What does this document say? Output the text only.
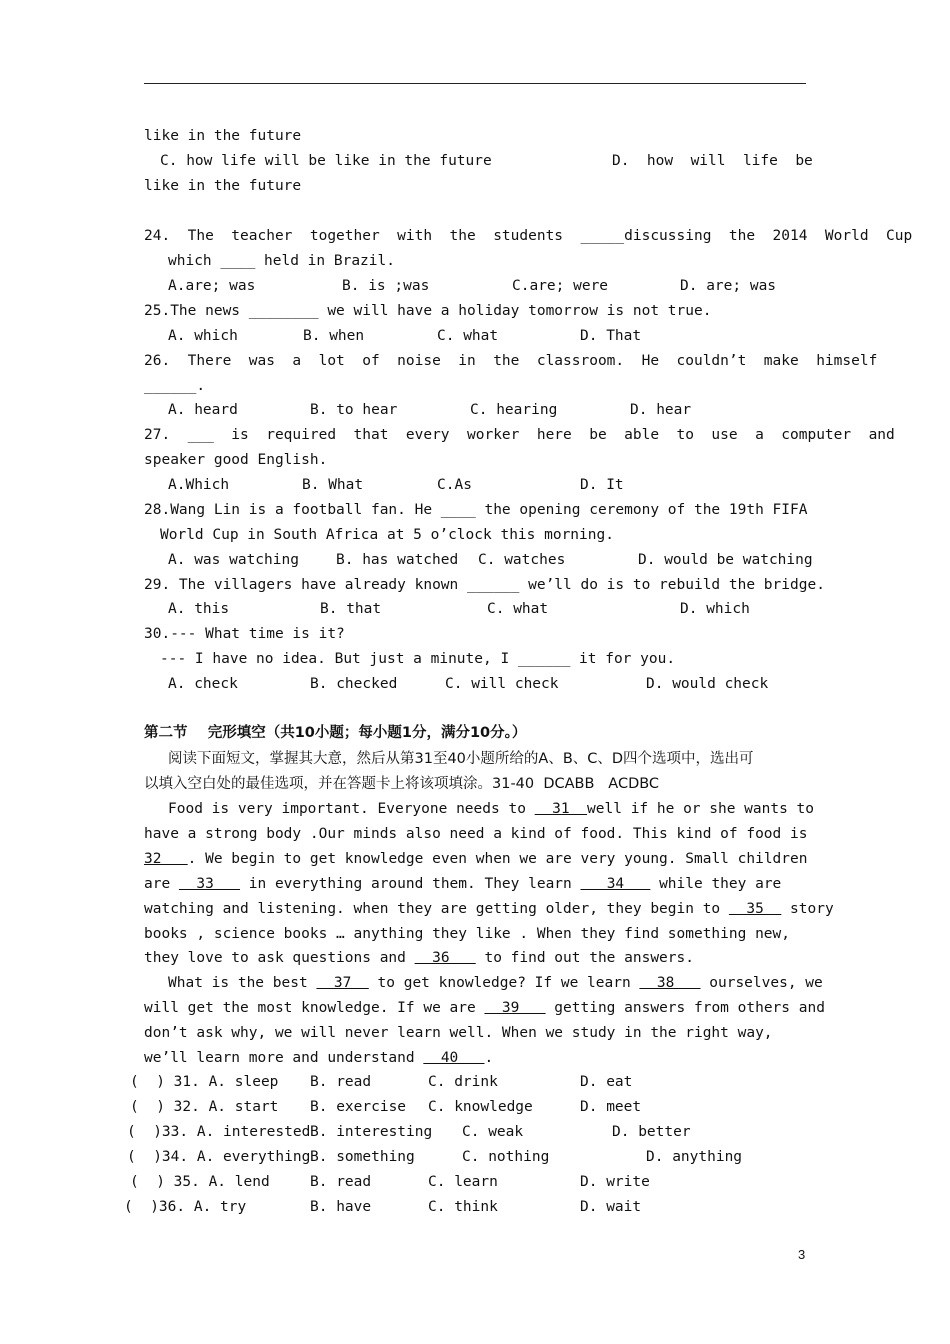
like in the future
C. how life will be like in the future	D.  how  will  life  be
like in the future
24.  The  teacher  together  with  the  students  _____discussing  the  2014  World  Cup
which ____ held in Brazil.
A.are; was	B. is ;was	C.are; were	D. are; was
25.The news ________ we will have a holiday tomorrow is not true.
A. which	B. when	C. what	D. That
26.  There  was  a  lot  of  noise  in  the  classroom.  He  couldn’t  make  himself
______.
A. heard	B. to hear	C. hearing	D. hear
27.  ___  is  required  that  every  worker  here  be  able  to  use  a  computer  and
speaker good English.
A.Which	B. What	C.As	D. It
28.Wang Lin is a football fan. He ____ the opening ceremony of the 19th FIFA
World Cup in South Africa at 5 o’clock this morning.
A. was watching	B. has watched C. watches	D. would be watching
29. The villagers have already known ______ we’ll do is to rebuild the bridge.
A. this	B. that	C. what	D. which
30.--- What time is it?
--- I have no idea. But just a minute, I ______ it for you.
A. check	B. checked	C. will check	D. would check
Food is very important. Everyone needs to   31  well if he or she wants to
have a strong body .Our minds also need a kind of food. This kind of food is
32   . We begin to get knowledge even when we are very young. Small children
are   33    in everything around them. They learn    34    while they are
watching and listening. when they are getting older, they begin to   35   story
books , science books … anything they like . When they find something new,
they love to ask questions and   36    to find out the answers.
What is the best   37   to get knowledge? If we learn   38    ourselves, we
will get the most knowledge. If we are   39    getting answers from others and
don’t ask why, we will never learn well. When we study in the right way,
we’ll learn more and understand   40   .
(  ) 31. A. sleep B. read	C. drink	D. eat
(  ) 32. A. start B. exercise C. knowledge	D. meet
(  )33. A. interested B. interesting C. weak	D. better
(  )34. A. everything B. something	C. nothing	D. anything
(  ) 35. A. lend	B. read	C. learn	D. write
(  )36. A. try	B. have	C. think	D. wait
第二节    完形填空（共10小题；每小题1分，满分10分。）
阅读下面短文，掌握其大意，然后从第31至40小题所给的A、B、C、D四个选项中，选出可
以填入空白处的最佳选项，并在答题卡上将该项填涂。31-40  DCABB   ACDBC
3
